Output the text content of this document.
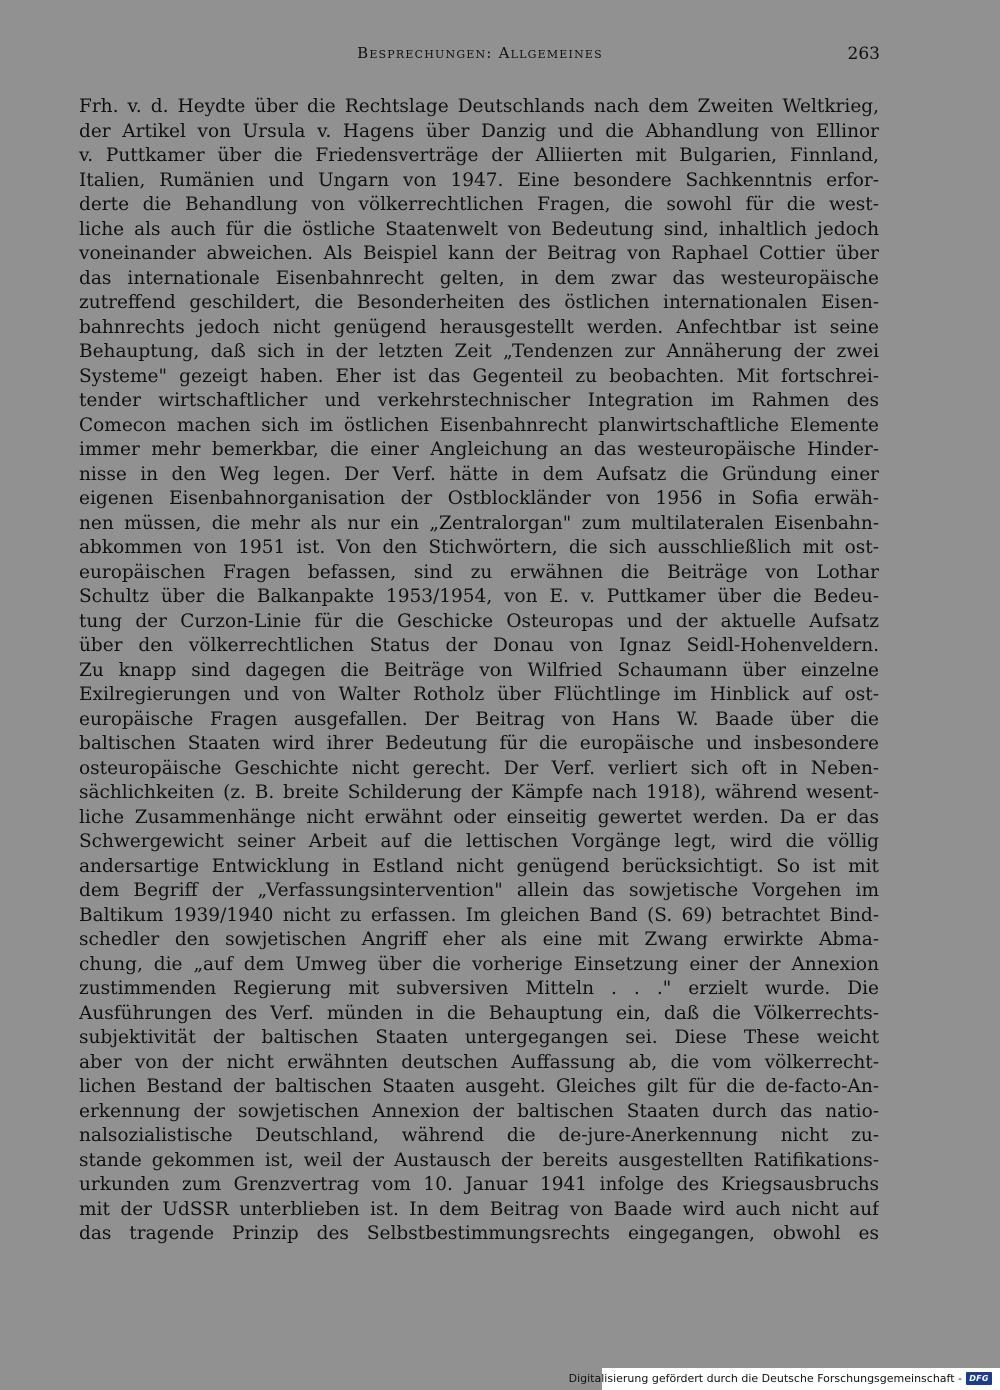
Besprechungen: Allgemeines	263
Frh. v. d. Heydte über die Rechtslage Deutschlands nach dem Zweiten Weltkrieg,
der Artikel von Ursula v. Hagens über Danzig und die Abhandlung von Ellinor
v. Puttkamer über die Friedensverträge der Alliierten mit Bulgarien, Finnland,
Italien, Rumänien und Ungarn von 1947. Eine besondere Sachkenntnis erfor-
derte die Behandlung von völkerrechtlichen Fragen, die sowohl für die west-
liche als auch für die östliche Staatenwelt von Bedeutung sind, inhaltlich jedoch
voneinander abweichen. Als Beispiel kann der Beitrag von Raphael Cottier über
das internationale Eisenbahnrecht gelten, in dem zwar das westeuropäische
zutreffend geschildert, die Besonderheiten des östlichen internationalen Eisen-
bahnrechts jedoch nicht genügend herausgestellt werden. Anfechtbar ist seine
Behauptung, daß sich in der letzten Zeit „Tendenzen zur Annäherung der zwei
Systeme" gezeigt haben. Eher ist das Gegenteil zu beobachten. Mit fortschrei-
tender wirtschaftlicher und verkehrstechnischer Integration im Rahmen des
Comecon machen sich im östlichen Eisenbahnrecht planwirtschaftliche Elemente
immer mehr bemerkbar, die einer Angleichung an das westeuropäische Hinder-
nisse in den Weg legen. Der Verf. hätte in dem Aufsatz die Gründung einer
eigenen Eisenbahnorganisation der Ostblockländer von 1956 in Sofia erwäh-
nen müssen, die mehr als nur ein „Zentralorgan" zum multilateralen Eisenbahn-
abkommen von 1951 ist. Von den Stichwörtern, die sich ausschließlich mit ost-
europäischen Fragen befassen, sind zu erwähnen die Beiträge von Lothar
Schultz über die Balkanpakte 1953/1954, von E. v. Puttkamer über die Bedeu-
tung der Curzon-Linie für die Geschicke Osteuropas und der aktuelle Aufsatz
über den völkerrechtlichen Status der Donau von Ignaz Seidl-Hohenveldern.
Zu knapp sind dagegen die Beiträge von Wilfried Schaumann über einzelne
Exilregierungen und von Walter Rotholz über Flüchtlinge im Hinblick auf ost-
europäische Fragen ausgefallen. Der Beitrag von Hans W. Baade über die
baltischen Staaten wird ihrer Bedeutung für die europäische und insbesondere
osteuropäische Geschichte nicht gerecht. Der Verf. verliert sich oft in Neben-
sächlichkeiten (z. B. breite Schilderung der Kämpfe nach 1918), während wesent-
liche Zusammenhänge nicht erwähnt oder einseitig gewertet werden. Da er das
Schwergewicht seiner Arbeit auf die lettischen Vorgänge legt, wird die völlig
andersartige Entwicklung in Estland nicht genügend berücksichtigt. So ist mit
dem Begriff der „Verfassungsintervention" allein das sowjetische Vorgehen im
Baltikum 1939/1940 nicht zu erfassen. Im gleichen Band (S. 69) betrachtet Bind-
schedler den sowjetischen Angriff eher als eine mit Zwang erwirkte Abma-
chung, die „auf dem Umweg über die vorherige Einsetzung einer der Annexion
zustimmenden Regierung mit subversiven Mitteln . . ." erzielt wurde. Die
Ausführungen des Verf. münden in die Behauptung ein, daß die Völkerrechts-
subjektivität der baltischen Staaten untergegangen sei. Diese These weicht
aber von der nicht erwähnten deutschen Auffassung ab, die vom völkerrecht-
lichen Bestand der baltischen Staaten ausgeht. Gleiches gilt für die de-facto-An-
erkennung der sowjetischen Annexion der baltischen Staaten durch das natio-
nalsozialistische Deutschland, während die de-jure-Anerkennung nicht zu-
stande gekommen ist, weil der Austausch der bereits ausgestellten Ratifikations-
urkunden zum Grenzvertrag vom 10. Januar 1941 infolge des Kriegsausbruchs
mit der UdSSR unterblieben ist. In dem Beitrag von Baade wird auch nicht auf
das tragende Prinzip des Selbstbestimmungsrechts eingegangen, obwohl es
Digitalisierung gefördert durch die Deutsche Forschungsgemeinschaft - DFG
